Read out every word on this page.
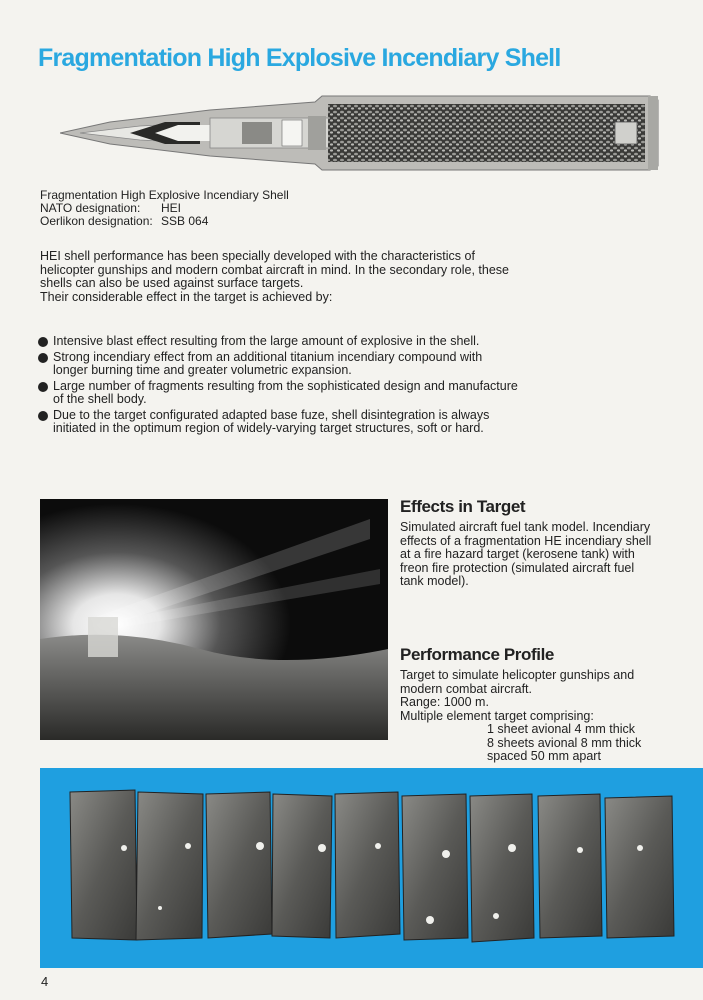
Fragmentation High Explosive Incendiary Shell
Fragmentation High Explosive Incendiary Shell
NATO designation: HEI
Oerlikon designation: SSB 064

HEI shell performance has been specially developed with the characteristics of helicopter gunships and modern combat aircraft in mind. In the secondary role, these shells can also be used against surface targets.

Their considerable effect in the target is achieved by:

Intensive blast effect resulting from the large amount of explosive in the shell.
Strong incendiary effect from an additional titanium incendiary compound with longer burning time and greater volumetric expansion.
Large number of fragments resulting from the sophisticated design and manufacture of the shell body.
Due to the target configurated adapted base fuze, shell disintegration is always initiated in the optimum region of widely-varying target structures, soft or hard.
Effects in Target
Simulated aircraft fuel tank model. Incendiary effects of a fragmentation HE incendiary shell at a fire hazard target (kerosene tank) with freon fire protection (simulated aircraft fuel tank model).
Performance Profile
Target to simulate helicopter gunships and modern combat aircraft.
Range: 1000 m.
Multiple element target comprising:
1 sheet avional 4 mm thick
8 sheets avional 8 mm thick
spaced 50 mm apart
4
